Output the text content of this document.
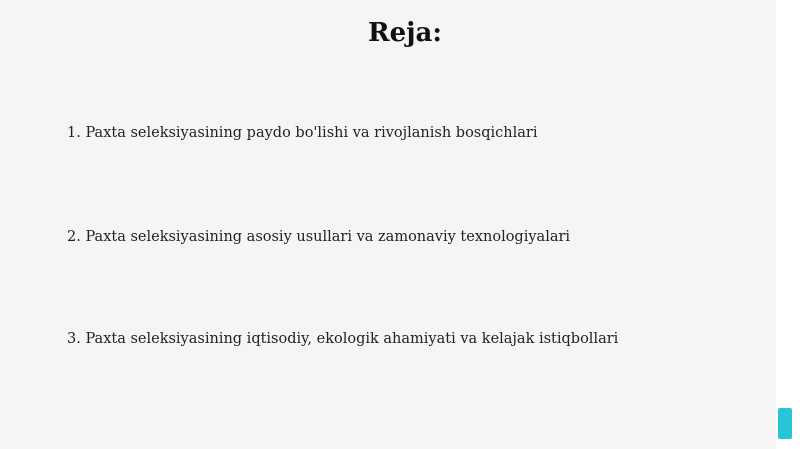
Reja:

1. Paxta seleksiyasining paydo bo'lishi va rivojlanish bosqichlari

2. Paxta seleksiyasining asosiy usullari va zamonaviy texnologiyalari

3. Paxta seleksiyasining iqtisodiy, ekologik ahamiyati va kelajak istiqbollari
